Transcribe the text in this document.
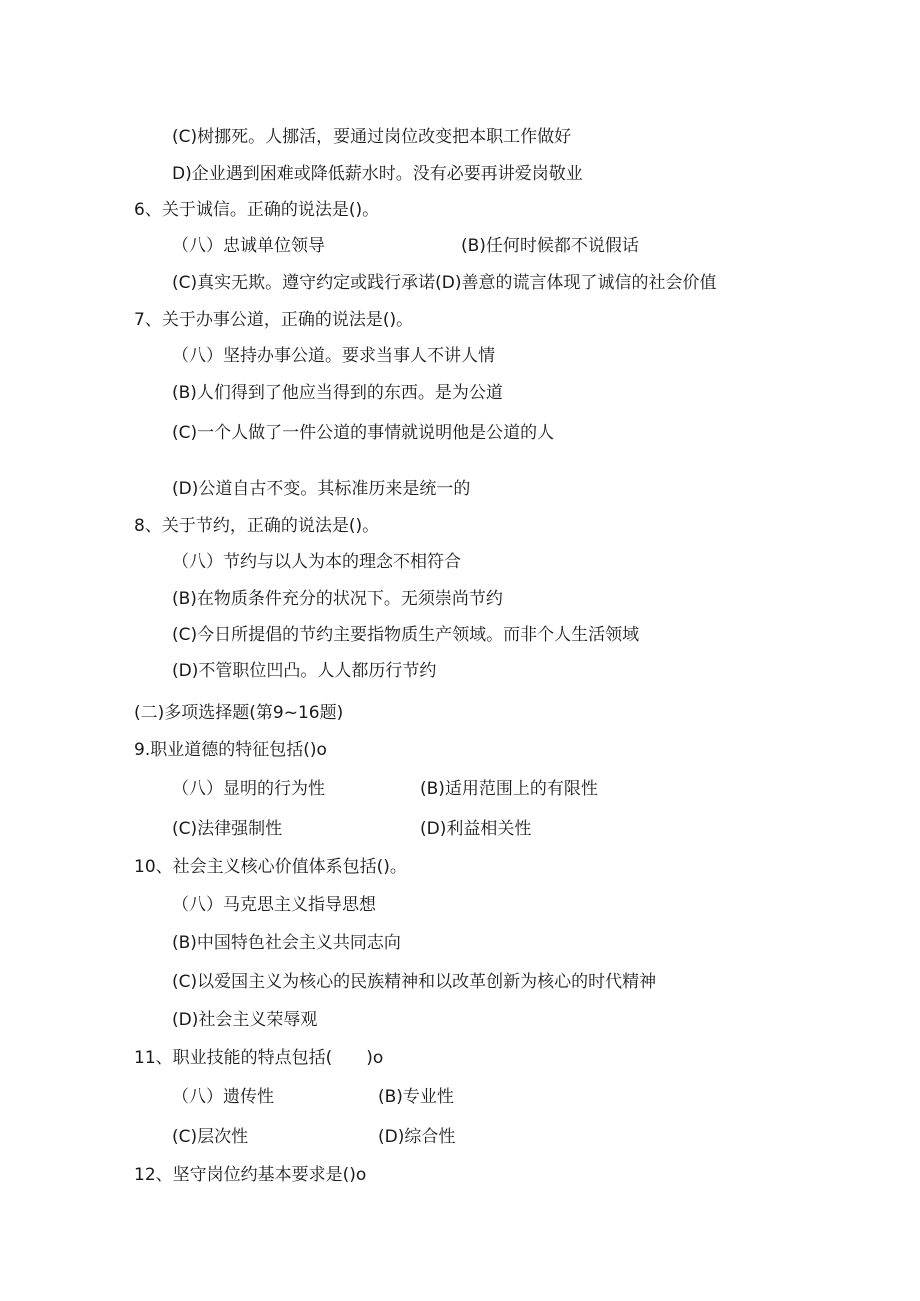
(C)树挪死。人挪活，要通过岗位改变把本职工作做好
D)企业遇到困难或降低薪水时。没有必要再讲爱岗敬业
6、关于诚信。正确的说法是()。
（八）忠诚单位领导	(B)任何时候都不说假话
(C)真实无欺。遵守约定或践行承诺(D)善意的谎言体现了诚信的社会价值
7、关于办事公道，正确的说法是()。
（八）坚持办事公道。要求当事人不讲人情
(B)人们得到了他应当得到的东西。是为公道
(C)一个人做了一件公道的事情就说明他是公道的人
(D)公道自古不变。其标准历来是统一的
8、关于节约，正确的说法是()。
（八）节约与以人为本的理念不相符合
(B)在物质条件充分的状况下。无须崇尚节约
(C)今日所提倡的节约主要指物质生产领域。而非个人生活领域
(D)不管职位凹凸。人人都历行节约
(二)多项选择题(第9~16题)
9.职业道德的特征包括()o
（八）显明的行为性	(B)适用范围上的有限性
(C)法律强制性	(D)利益相关性
10、社会主义核心价值体系包括()。
（八）马克思主义指导思想
(B)中国特色社会主义共同志向
(C)以爱国主义为核心的民族精神和以改革创新为核心的时代精神
(D)社会主义荣辱观
11、职业技能的特点包括(　　)o
（八）遗传性	(B)专业性
(C)层次性	(D)综合性
12、坚守岗位约基本要求是()o
